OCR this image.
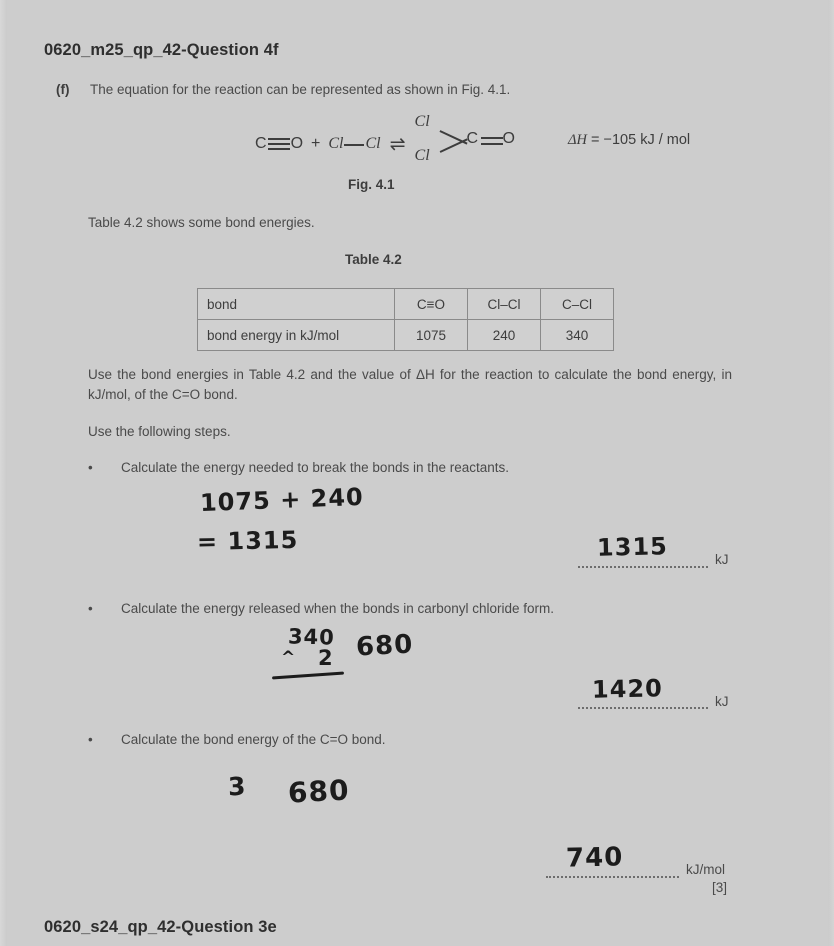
0620_m25_qp_42-Question 4f
(f) The equation for the reaction can be represented as shown in Fig. 4.1.
C O + Cl Cl ⇌
Cl
Cl
C O	ΔH = −105 kJ / mol
Fig. 4.1
Table 4.2 shows some bond energies.
Table 4.2
bond	C≡O	Cl–Cl	C–Cl
bond energy in kJ/mol	1075	240	340
Use the bond energies in Table 4.2 and the value of ΔH for the reaction to calculate the bond energy, in kJ/mol, of the C=O bond.
Use the following steps.
• Calculate the energy needed to break the bonds in the reactants.
1075 + 240
= 1315	1315	kJ
• Calculate the energy released when the bonds in carbonyl chloride form.
340
^ 2 680
1420	kJ
• Calculate the bond energy of the C=O bond.
3 680
740	kJ/mol
[3]
0620_s24_qp_42-Question 3e
